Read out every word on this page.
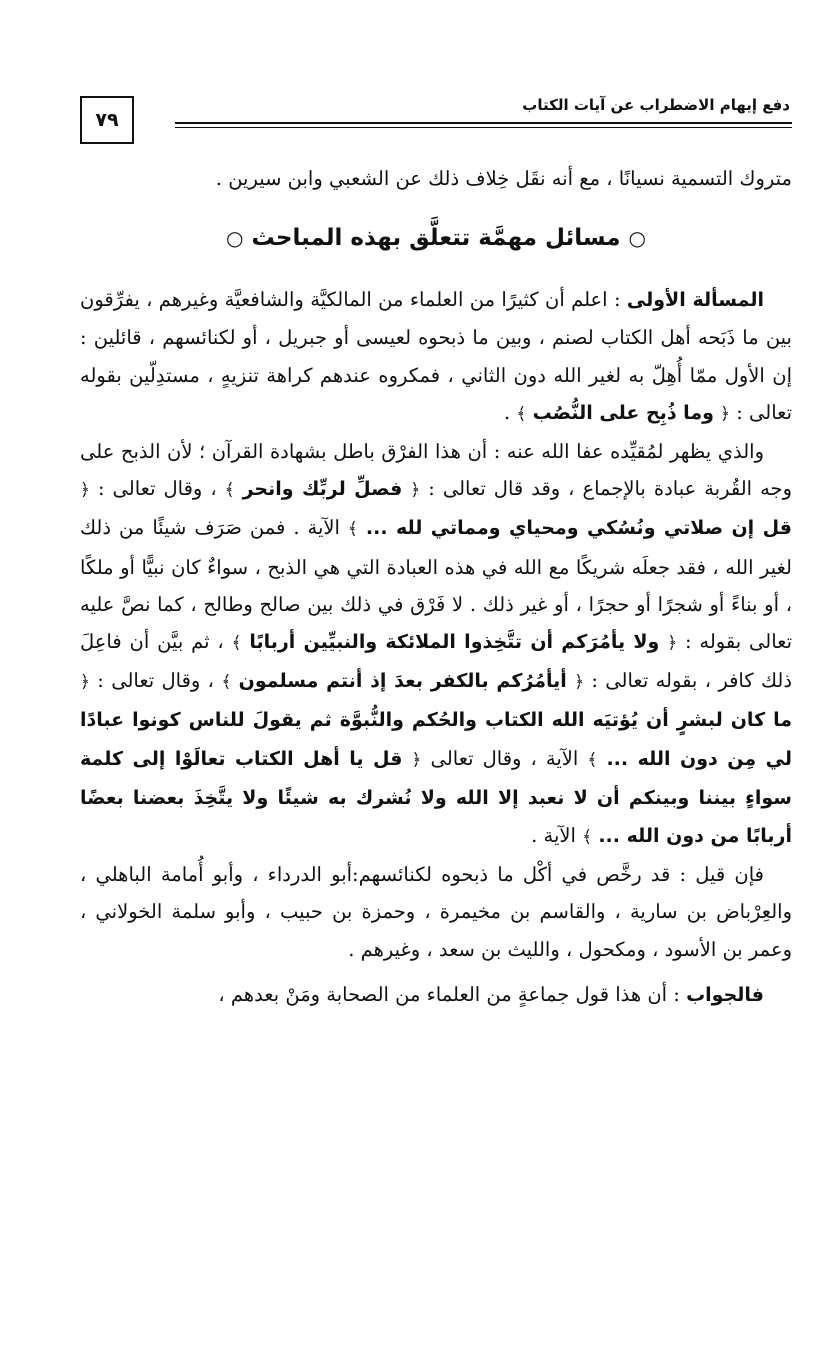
٧٩
دفع إيهام الاضطراب عن آيات الكتاب

متروك التسمية نسيانًا ، مع أنه نقَل خِلاف ذلك عن الشعبي وابن سيرين .

○ مسائل مهمَّة تتعلَّق بهذه المباحث ○

المسألة الأولى : اعلم أن كثيرًا من العلماء من المالكيَّة والشافعيَّة وغيرهم ، يفرِّقون بين ما ذَبَحه أهل الكتاب لصنم ، وبين ما ذبحوه لعيسى أو جبريل ، أو لكنائسهم ، قائلين : إن الأول ممّا أُهِلّ به لغير الله دون الثاني ، فمكروه عندهم كراهة تنزيهٍ ، مستدِلّين بقوله تعالى : ﴿ وما ذُبِح على النُّصُب ﴾ .

والذي يظهر لمُقيِّده عفا الله عنه : أن هذا الفرْق باطل بشهادة القرآن ؛ لأن الذبح على وجه القُربة عبادة بالإجماع ، وقد قال تعالى : ﴿ فصلِّ لربِّك وانحر ﴾ ، وقال تعالى : ﴿ قل إن صلاتي ونُسُكي ومحياي ومماتي لله ... ﴾ الآية . فمن صَرَف شيئًا من ذلك لغير الله ، فقد جعلَه شريكًا مع الله في هذه العبادة التي هي الذبح ، سواءٌ كان نبيًّا أو ملكًا ، أو بناءً أو شجرًا أو حجرًا ، أو غير ذلك . لا فَرْق في ذلك بين صالح وطالح ، كما نصَّ عليه تعالى بقوله : ﴿ ولا يأمُرَكم أن تتَّخِذوا الملائكة والنبيِّين أربابًا ﴾ ، ثم بيَّن أن فاعِلَ ذلك كافر ، بقوله تعالى : ﴿ أيأمُرُكم بالكفر بعدَ إذ أنتم مسلمون ﴾ ، وقال تعالى : ﴿ ما كان لبشرٍ أن يُؤتيَه الله الكتاب والحُكم والنُّبوَّة ثم يقولَ للناس كونوا عبادًا لي مِن دون الله ... ﴾ الآية ، وقال تعالى ﴿ قل يا أهل الكتاب تعالَوْا إلى كلمة سواءٍ بيننا وبينكم أن لا نعبد إلا الله ولا نُشرك به شيئًا ولا يتَّخِذَ بعضنا بعضًا أربابًا من دون الله ... ﴾ الآية .

فإن قيل : قد رخَّص في أكْل ما ذبحوه لكنائسهم:أبو الدرداء ، وأبو أُمامة الباهلي ، والعِرْباض بن سارية ، والقاسم بن مخيمرة ، وحمزة بن حبيب ، وأبو سلمة الخولاني ، وعمر بن الأسود ، ومكحول ، والليث بن سعد ، وغيرهم .

فالجواب : أن هذا قول جماعةٍ من العلماء من الصحابة ومَنْ بعدهم ،
